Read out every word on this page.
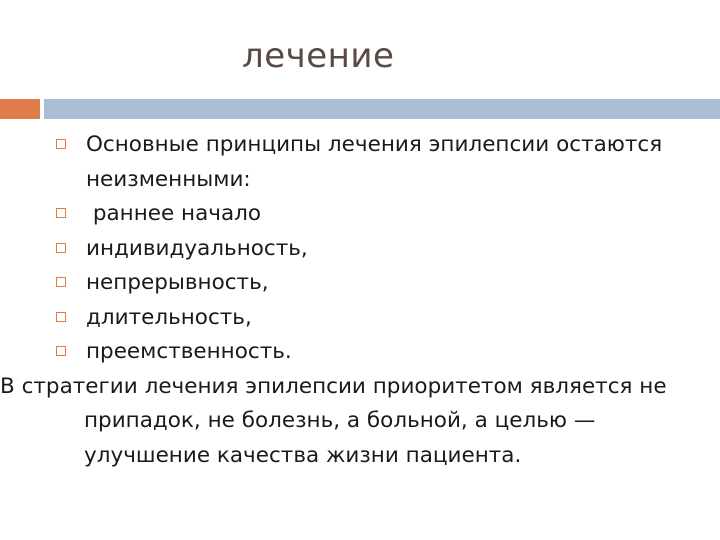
лечение
Основные принципы лечения эпилепсии остаются неизменными:
раннее начало
индивидуальность,
непрерывность,
длительность,
преемственность.
В стратегии лечения эпилепсии приоритетом является не припадок, не болезнь, а больной, а целью — улучшение качества жизни пациента.
